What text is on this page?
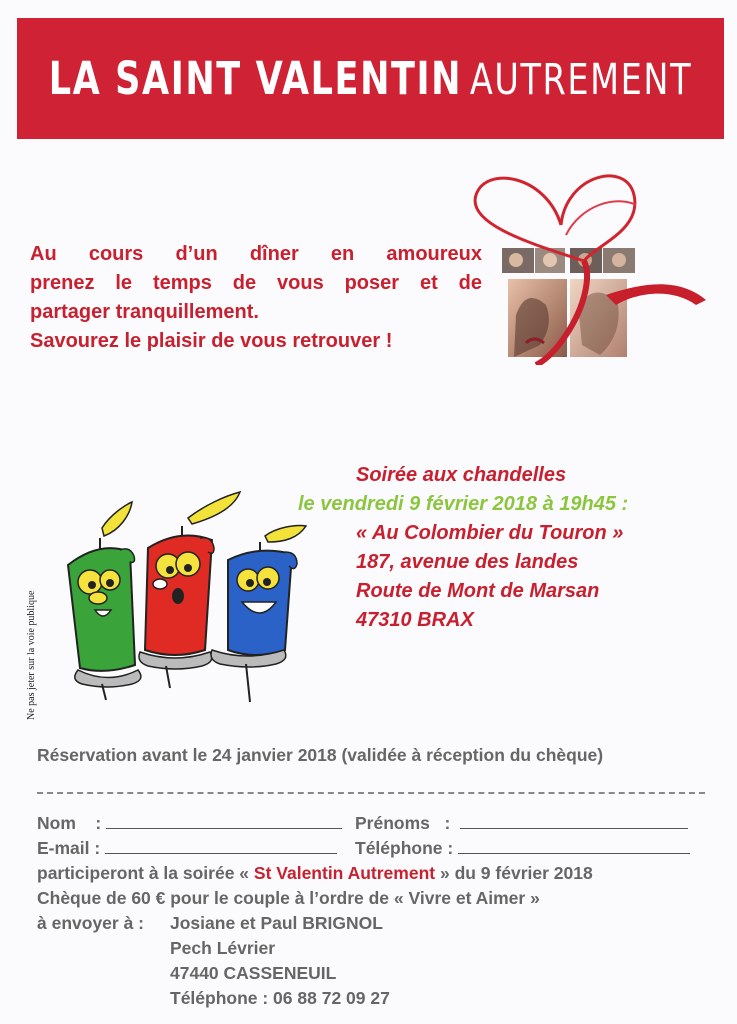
LA SAINT VALENTIN AUTREMENT
Au cours d’un dîner en amoureux
prenez le temps de vous poser et de
partager tranquillement.
Savourez le plaisir de vous retrouver !
Soirée aux chandelles
le vendredi 9 février 2018 à 19h45 :
« Au Colombier du Touron »
187, avenue des landes
Route de Mont de Marsan
47310 BRAX
Ne pas jeter sur la voie publique
Réservation avant le 24 janvier 2018 (validée à réception du chèque)
Nom    :	Prénoms   :
E-mail :	Téléphone :
participeront à la soirée « St Valentin Autrement » du 9 février 2018
Chèque de 60 € pour le couple à l’ordre de « Vivre et Aimer »
à envoyer à : Josiane et Paul BRIGNOL
Pech Lévrier
47440 CASSENEUIL
Téléphone : 06 88 72 09 27
